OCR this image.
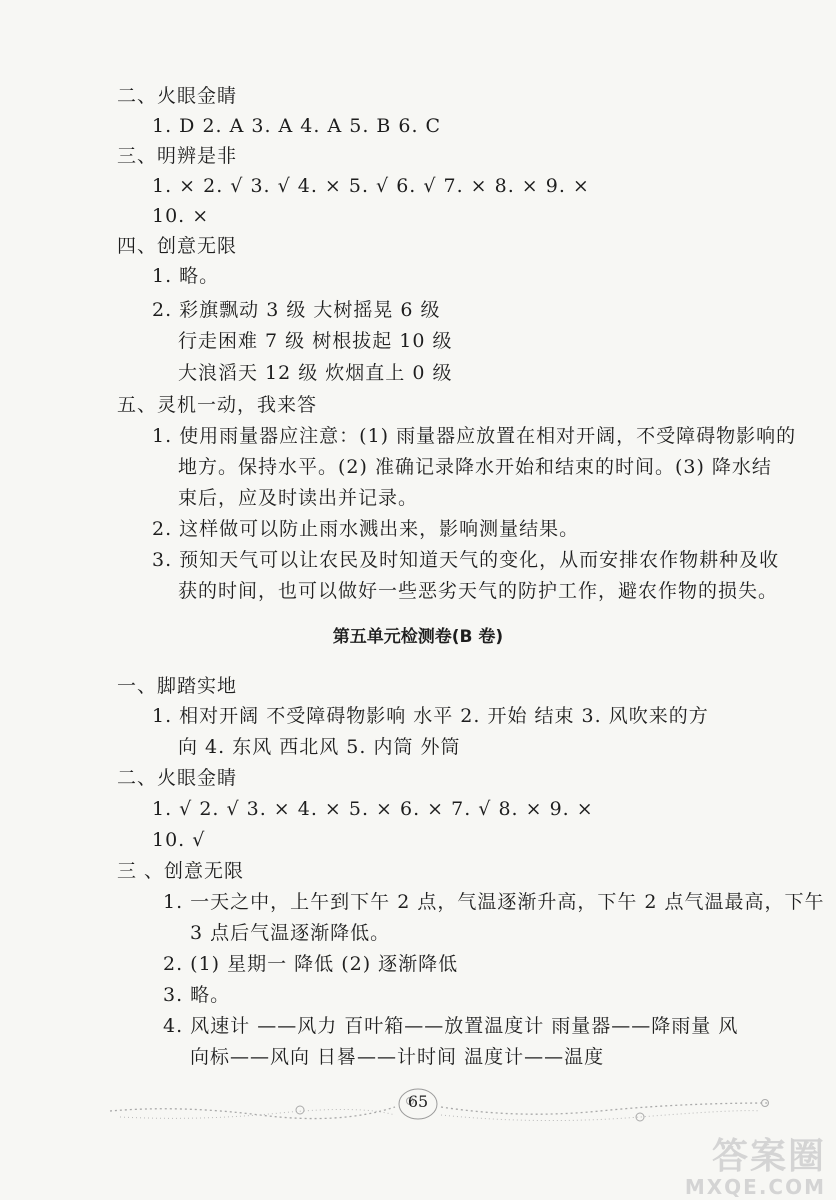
二、火眼金睛
1. D 2. A 3. A 4. A 5. B 6. C
三、明辨是非
1. × 2. √ 3. √ 4. × 5. √ 6. √ 7. × 8. × 9. ×
10. ×
四、创意无限
1. 略。
2. 彩旗飘动 3 级 大树摇晃 6 级
行走困难 7 级 树根拔起 10 级
大浪滔天 12 级 炊烟直上 0 级
五、灵机一动，我来答
1. 使用雨量器应注意：(1) 雨量器应放置在相对开阔，不受障碍物影响的
地方。保持水平。(2) 准确记录降水开始和结束的时间。(3) 降水结
束后，应及时读出并记录。
2. 这样做可以防止雨水溅出来，影响测量结果。
3. 预知天气可以让农民及时知道天气的变化，从而安排农作物耕种及收
获的时间，也可以做好一些恶劣天气的防护工作，避农作物的损失。
第五单元检测卷(B 卷)
一、脚踏实地
1. 相对开阔 不受障碍物影响 水平 2. 开始 结束 3. 风吹来的方
向 4. 东风 西北风 5. 内筒 外筒
二、火眼金睛
1. √ 2. √ 3. × 4. × 5. × 6. × 7. √ 8. × 9. ×
10. √
三 、创意无限
1. 一天之中，上午到下午 2 点，气温逐渐升高，下午 2 点气温最高，下午
3 点后气温逐渐降低。
2. (1) 星期一 降低 (2) 逐渐降低
3. 略。
4. 风速计 ——风力 百叶箱——放置温度计 雨量器——降雨量 风
向标——风向 日晷——计时间 温度计——温度
65
答案圈
MXQE.COM
